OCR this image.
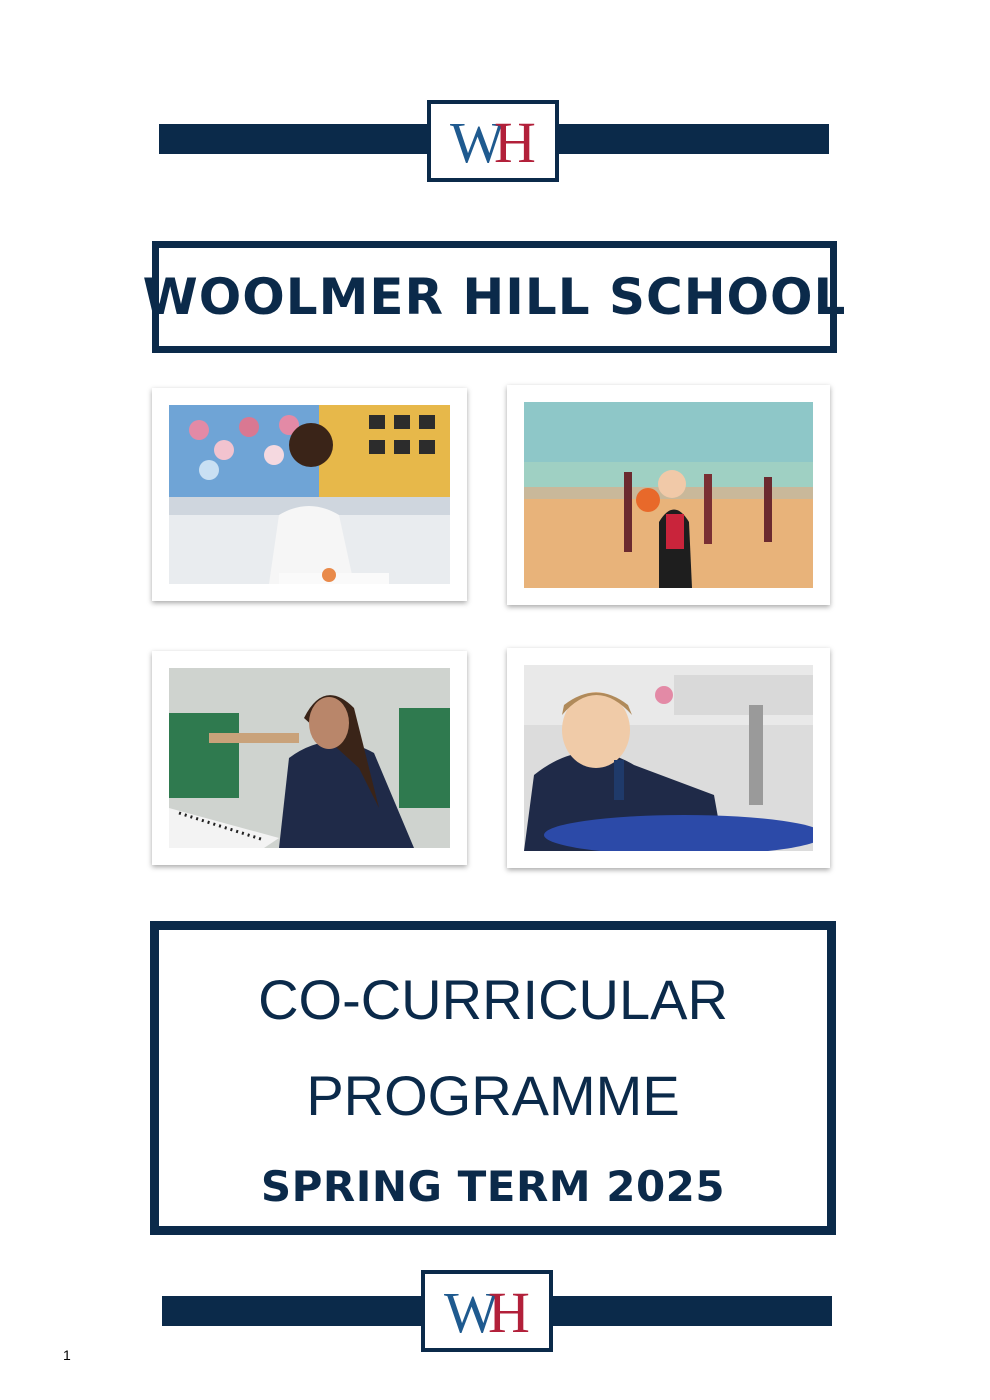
W
H
WOOLMER HILL SCHOOL
CO-CURRICULAR
PROGRAMME
SPRING TERM 2025
W
H
1
